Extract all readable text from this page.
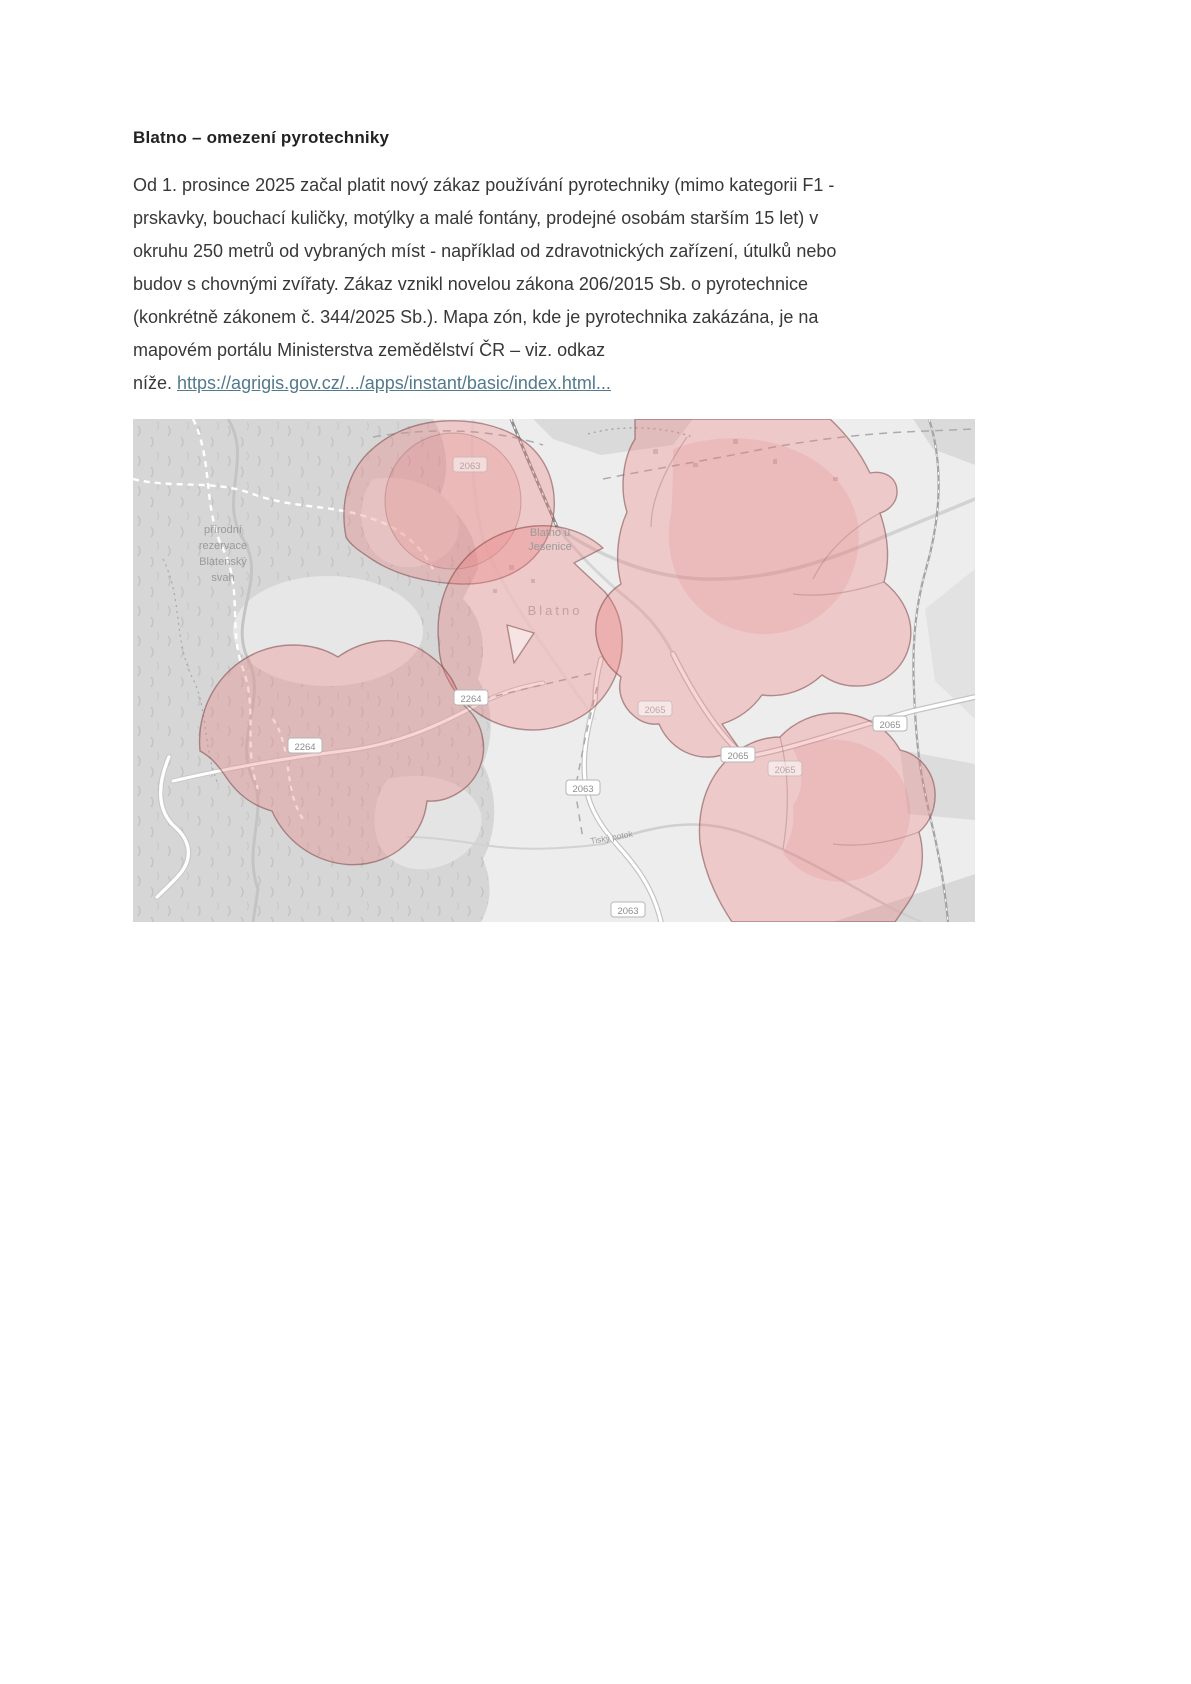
Blatno – omezení pyrotechniky
Od 1. prosince 2025 začal platit nový zákaz používání pyrotechniky (mimo kategorii F1 -
prskavky, bouchací kuličky, motýlky a malé fontány, prodejné osobám starším 15 let) v
okruhu 250 metrů od vybraných míst - například od zdravotnických zařízení, útulků nebo
budov s chovnými zvířaty. Zákaz vznikl novelou zákona 206/2015 Sb. o pyrotechnice
(konkrétně zákonem č. 344/2025 Sb.). Mapa zón, kde je pyrotechnika zakázána, je na
mapovém portálu Ministerstva zemědělství ČR – viz. odkaz
níže. https://agrigis.gov.cz/.../apps/instant/basic/index.html...
přírodní
rezervace
Blatenský
svah
Blatno u
Jesenice
Blatno
Tiský potok
2063
2264
2264
2065
2065
2065
2065
2063
2063
